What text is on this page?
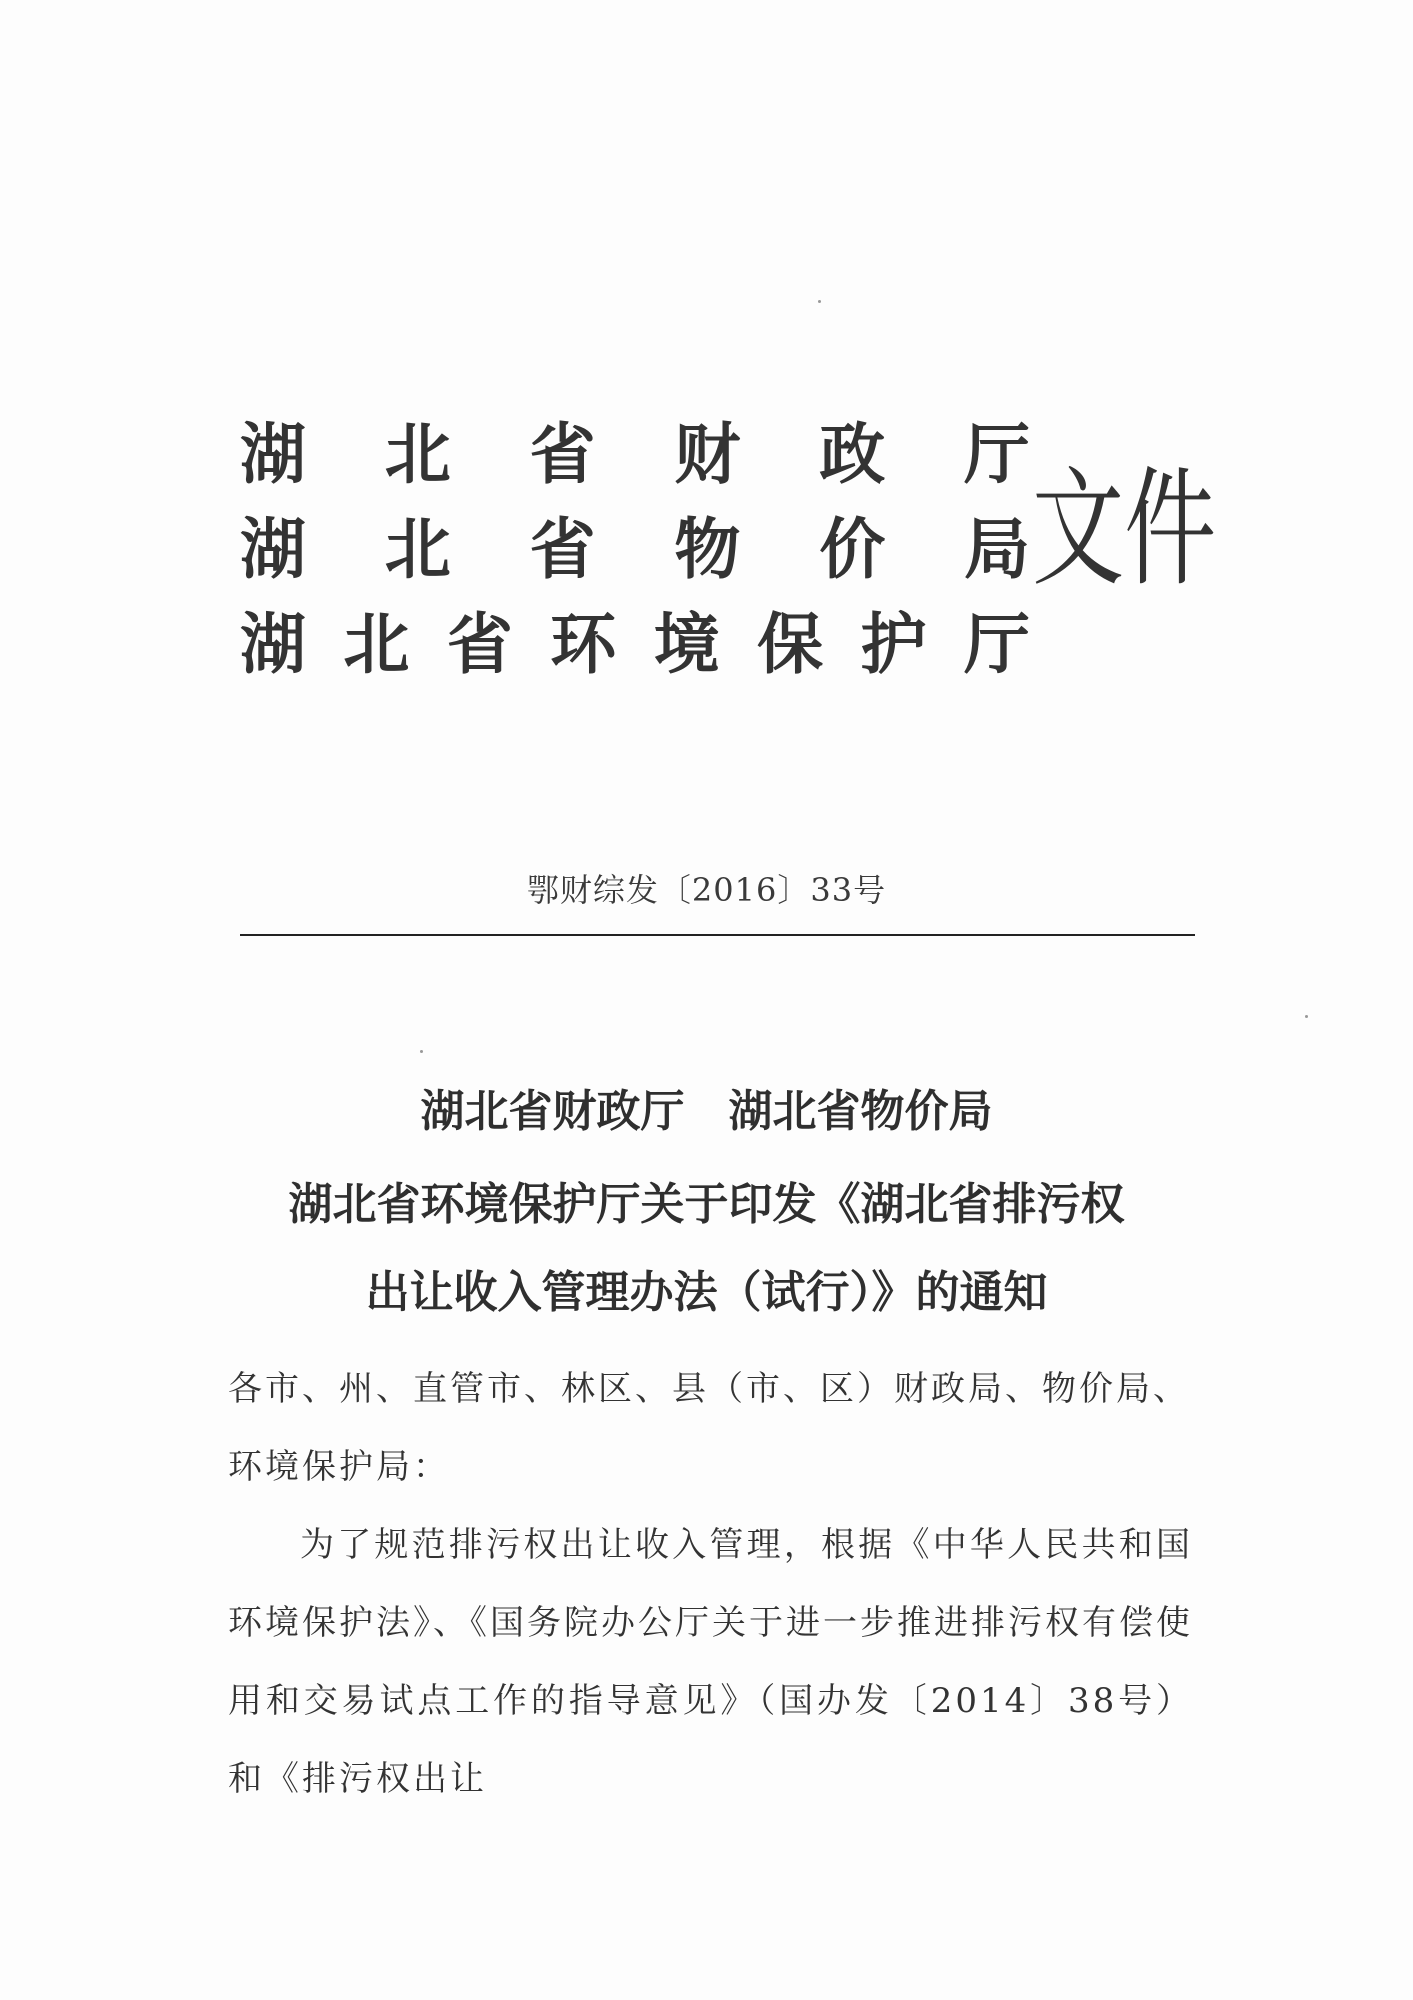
湖 北 省 财 政 厅
湖 北 省 物 价 局
湖 北 省 环 境 保 护 厅
文件
鄂财综发〔2016〕33号
湖北省财政厅　湖北省物价局
湖北省环境保护厅关于印发《湖北省排污权
出让收入管理办法（试行）》的通知
各市、州、直管市、林区、县（市、区）财政局、物价局、环境保护局：
为了规范排污权出让收入管理，根据《中华人民共和国环境保护法》、《国务院办公厅关于进一步推进排污权有偿使用和交易试点工作的指导意见》（国办发〔2014〕38号）和《排污权出让
